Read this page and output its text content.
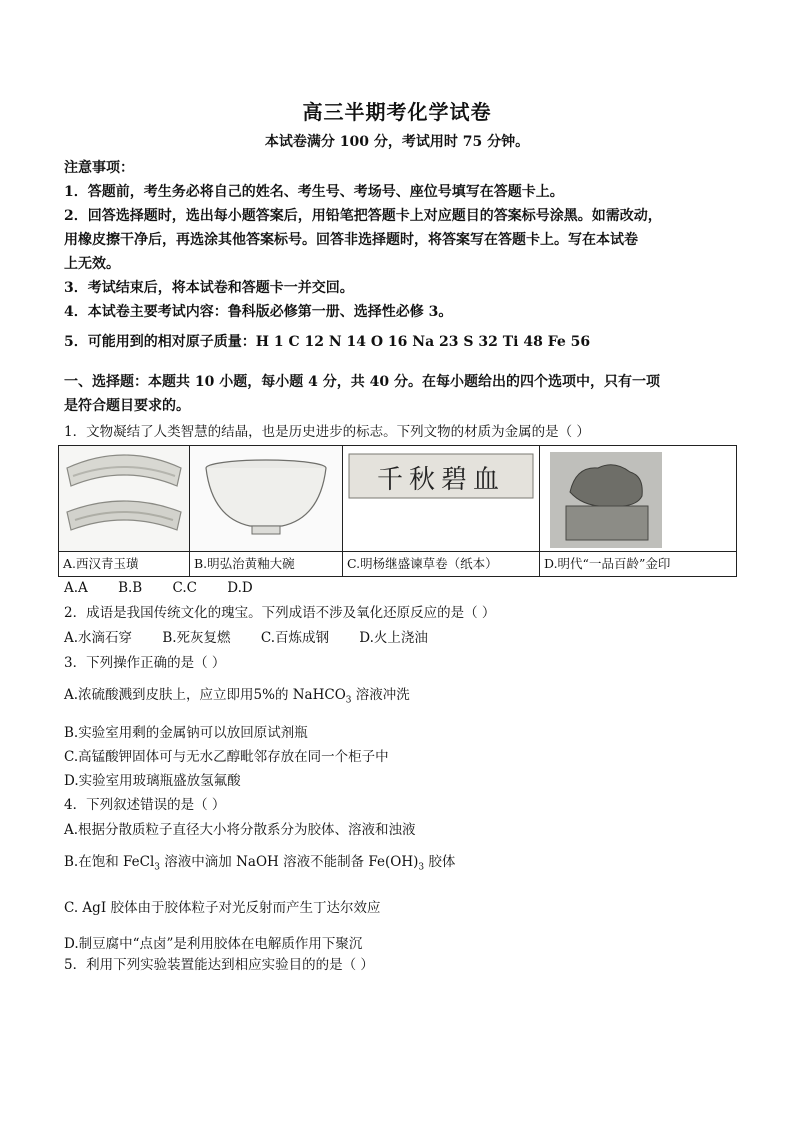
高三半期考化学试卷
本试卷满分 100 分，考试用时 75 分钟。

注意事项：

1．答题前，考生务必将自己的姓名、考生号、考场号、座位号填写在答题卡上。

2．回答选择题时，选出每小题答案后，用铅笔把答题卡上对应题目的答案标号涂黑。如需改动，

用橡皮擦干净后，再选涂其他答案标号。回答非选择题时，将答案写在答题卡上。写在本试卷

上无效。

3．考试结束后，将本试卷和答题卡一并交回。

4．本试卷主要考试内容：鲁科版必修第一册、选择性必修 3。

5．可能用到的相对原子质量：H 1 C 12 N 14 O 16 Na 23 S 32 Ti 48 Fe 56

一、选择题：本题共 10 小题，每小题 4 分，共 40 分。在每小题给出的四个选项中，只有一项

是符合题目要求的。

1．文物凝结了人类智慧的结晶，也是历史进步的标志。下列文物的材质为金属的是（ ）

千秋碧血

A.西汉青玉璜	B.明弘治黄釉大碗	C.明杨继盛谏草卷（纸本）	D.明代“一品百龄”金印
A.A B.B C.C D.D

2．成语是我国传统文化的瑰宝。下列成语不涉及氧化还原反应的是（ ）

A.水滴石穿 B.死灰复燃 C.百炼成钢 D.火上浇油

3．下列操作正确的是（ ）

A.浓硫酸溅到皮肤上，应立即用5%的 NaHCO$_3$ 溶液冲洗

B.实验室用剩的金属钠可以放回原试剂瓶

C.高锰酸钾固体可与无水乙醇毗邻存放在同一个柜子中

D.实验室用玻璃瓶盛放氢氟酸

4．下列叙述错误的是（ ）

A.根据分散质粒子直径大小将分散系分为胶体、溶液和浊液

B.在饱和 FeCl$_3$ 溶液中滴加 NaOH 溶液不能制备 $Fe(OH)_3$ 胶体

C. AgI 胶体由于胶体粒子对光反射而产生丁达尔效应

D.制豆腐中“点卤”是利用胶体在电解质作用下聚沉

5．利用下列实验装置能达到相应实验目的的是（ ）
